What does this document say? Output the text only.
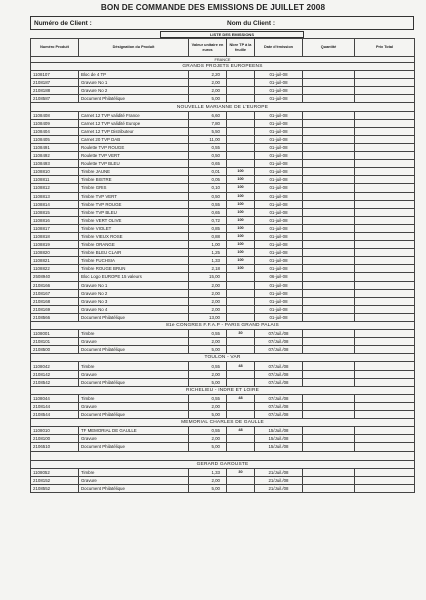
BON DE COMMANDE DES EMISSIONS DE JUILLET 2008
Numéro de Client :	Nom du Client :
LISTE DES EMISSIONS
Numéro Produit	Désignation du Produit	Valeur unitaire en euros	Nbre TP à la feuille	Date d'émission	Quantité	Prix Total
FRANCE						
GRANDS PROJETS EUROPEENS						
1108107	Bloc de 4 TP	2,20		01-juil-08		
2108187	Gravure No 1	2,00		01-juil-08		
2108188	Gravure No 2	2,00		01-juil-08		
2108587	Document Philatélique	5,00		01-juil-08		
NOUVELLE MARIANNE DE L'EUROPE						
1108408	Carnet 12 TVP validité France	6,60		01-juil-08		
1108409	Carnet 12 TVP validité Europe	7,80		01-juil-08		
1108404	Carnet 12 TVP Distributeur	5,50		01-juil-08		
1108405	Carnet 20 TVP DAB	11,00		01-juil-08		
1108491	Roulette TVP ROUGE	0,55		01-juil-08		
1108492	Roulette TVP VERT	0,50		01-juil-08		
1108493	Roulette TVP BLEU	0,65		01-juil-08		
1108810	Timbre JAUNE	0,01	100	01-juil-08		
1108811	Timbre BISTRE	0,05	100	01-juil-08		
1108812	Timbre GRIS	0,10	100	01-juil-08		
1108813	Timbre TVP VERT	0,50	100	01-juil-08		
1108814	Timbre TVP ROUGE	0,55	100	01-juil-08		
1108815	Timbre TVP BLEU	0,65	100	01-juil-08		
1108816	Timbre VERT OLIVE	0,72	100	01-juil-08		
1108817	Timbre VIOLET	0,85	100	01-juil-08		
1108818	Timbre VIEUX ROSE	0,88	100	01-juil-08		
1108819	Timbre ORANGE	1,00	100	01-juil-08		
1108820	Timbre BLEU CLAIR	1,25	100	01-juil-08		
1108821	Timbre FUCHSIA	1,33	100	01-juil-08		
1108822	Timbre ROUGE BRUN	2,18	100	01-juil-08		
2508940	Bloc Logo EUROPE 15 valeurs	15,00		06-juil-08		
2108166	Gravure No 1	2,00		01-juil-08		
2108167	Gravure No 2	2,00		01-juil-08		
2108168	Gravure No 3	2,00		01-juil-08		
2108169	Gravure No 4	2,00		01-juil-08		
2108566	Document Philatélique	13,00		01-juil-08		
81e CONGRES F.F.A.P - PARIS GRAND PALAIS						
1108001	Timbre	0,55	30	07/Juil./08		
2108101	Gravure	2,00		07/Juil./08		
2108500	Document Philatélique	5,00		07/Juil./08		
TOULON - VAR						
1108042	Timbre	0,55	48	07/Juil./08		
2108142	Gravure	2,00		07/Juil./08		
2108542	Document Philatélique	5,00		07/Juil./08		
RICHELIEU - INDRE ET LOIRE						
1108044	Timbre	0,55	48	07/Juil./08		
2108144	Gravure	2,00		07/Juil./08		
2108544	Document Philatélique	5,00		07/Juil./08		
MEMORIAL CHARLES DE GAULLE						
1108010	TF MEMORIAL DE GAULLE	0,55	48	15/Juil./08		
2108100	Gravure	2,00		15/Juil./08		
2106510	Document Philatélique	5,00		15/Juil./08		

GERARD GAROUSTE						
1108052	Timbre	1,33	30	21/Juil./08		
2108152	Gravure	2,00		21/Juil./08		
2108552	Document Philatélique	5,00		21/Juil./08		
